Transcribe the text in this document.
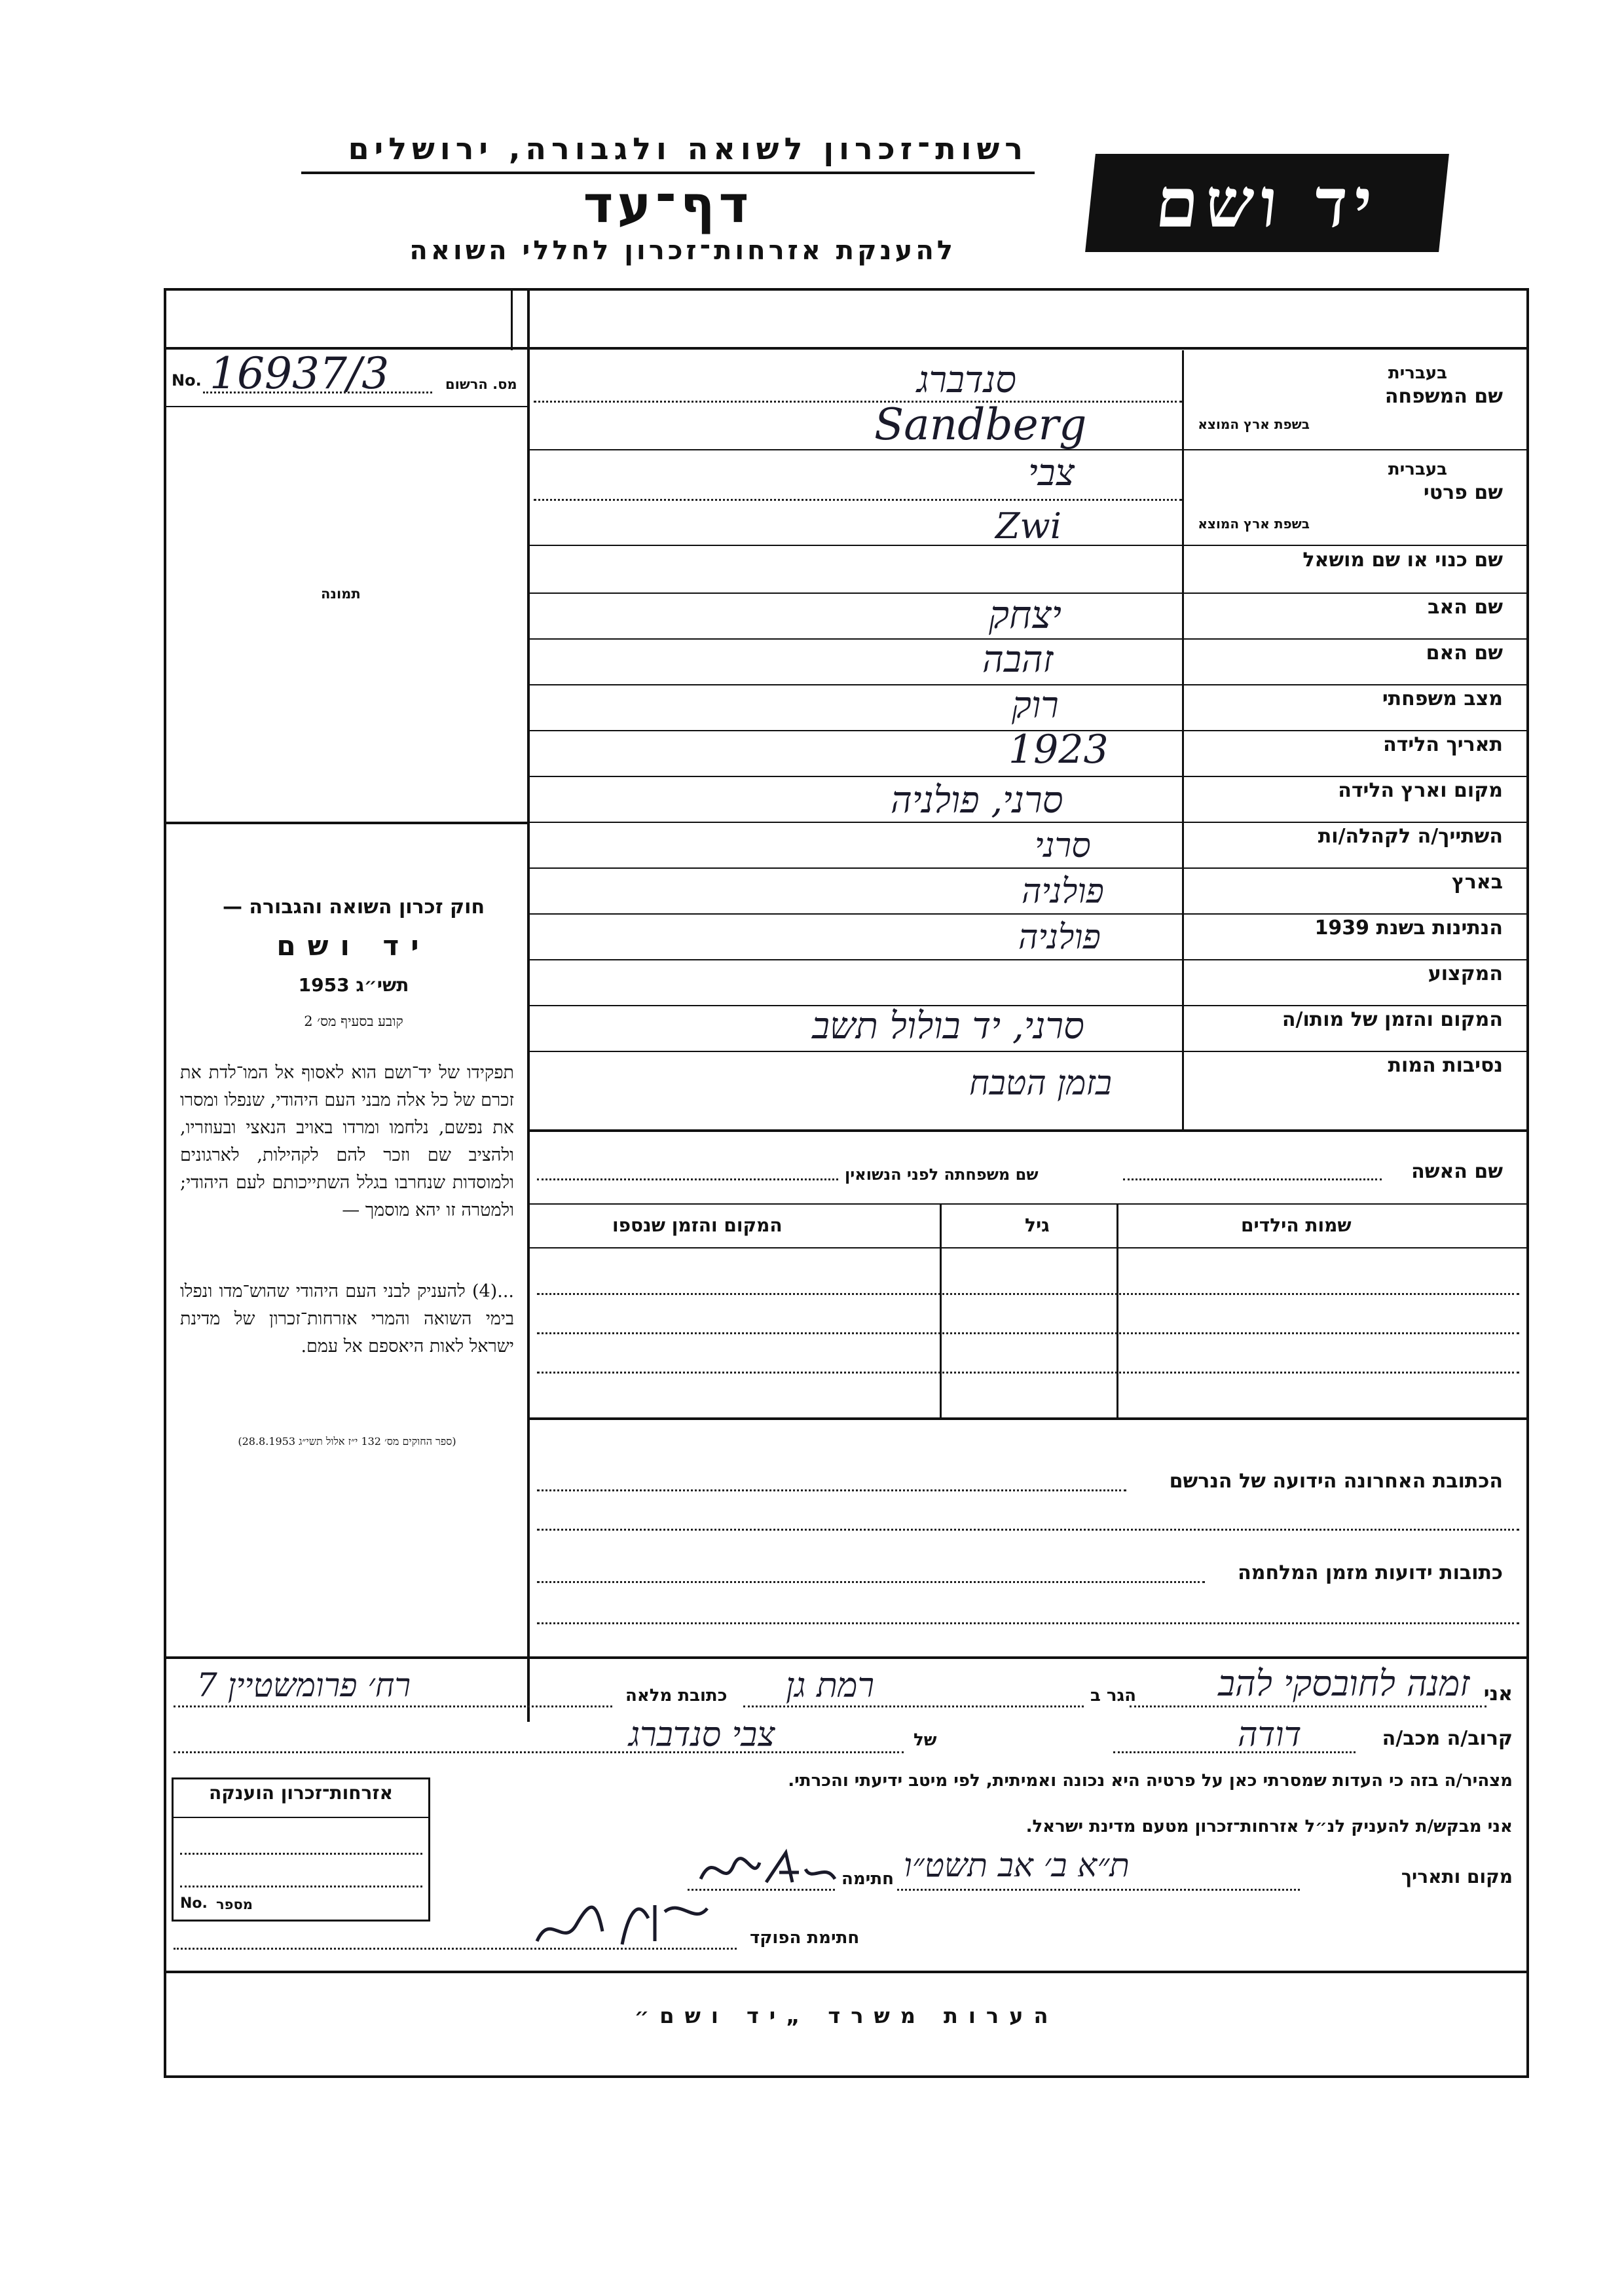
רשות־זכרון לשואה ולגבורה, ירושלים
דף־עד
להענקת אזרחות־זכרון לחללי השואה
יד ושם
No. 16937/3	מס. הרשום
תמונה
חוק זכרון השואה והגבורה —
יד ושם
תשי״ג 1953
קובע בסעיף מס׳ 2
תפקידו של יד־ושם הוא לאסוף אל המו־לדת את זכרם של כל אלה מבני העם היהודי, שנפלו ומסרו את נפשם, נלחמו ומרדו באויב הנאצי ובעוזריו, ולהציב שם וזכר להם לקהילות, לארגונים ולמוסדות שנחרבו בגלל השתייכותם לעם היהודי; ולמטרה זו יהא מוסמך —
...(4) להעניק לבני העם היהודי שהוש־מדו ונפלו בימי השואה והמרי אזרחות־זכרון של מדינת ישראל לאות היאספם אל עמם.
(ספר החוקים מס׳ 132 י״ז אלול תשי״ג 28.8.1953)
שם המשפחה
בעברית
בשפת ארץ המוצא
סנדברג
Sandberg
שם פרטי
בעברית
בשפת ארץ המוצא
צבי
Zwi
שם כנוי או שם מושאל
שם האב
יצחק
שם האם
זהבה
מצב משפחתי
רוק
תאריך הלידה
1923
מקום וארץ הלידה
סרני, פולניה
השתייך/ה לקהלה/ות
סרני
בארץ
פולניה
הנתינות בשנת 1939
פולניה
המקצוע
המקום והזמן של מותו/ה
סרני, יד בולול תשב
נסיבות המות
בזמן הטבח
שם האשה
שם משפחתה לפני הנשואין
שמות הילדים
גיל
המקום והזמן שנספו
הכתובת האחרונה הידועה של הנרשם
כתובות ידועות מזמן המלחמה
אני
זמנה לחובסקי להב
הגר ב
רמת גן
כתובת מלאה
רח׳ פרומשטיין 7
קרוב/ה מכב/ה
דודה
של
צבי סנדברג
מצהיר/ה בזה כי העדות שמסרתי כאן על פרטיה היא נכונה ואמיתית, לפי מיטב ידיעתי והכרתי.
אני מבקש/ת להעניק לנ״ל אזרחות־זכרון מטעם מדינת ישראל.
מקום ותאריך
ת״א ב׳ אב תשט״ו
חתימה
חתימת הפוקד
אזרחות־זכרון הוענקה
No. מספר
הערות משרד „יד ושם״
